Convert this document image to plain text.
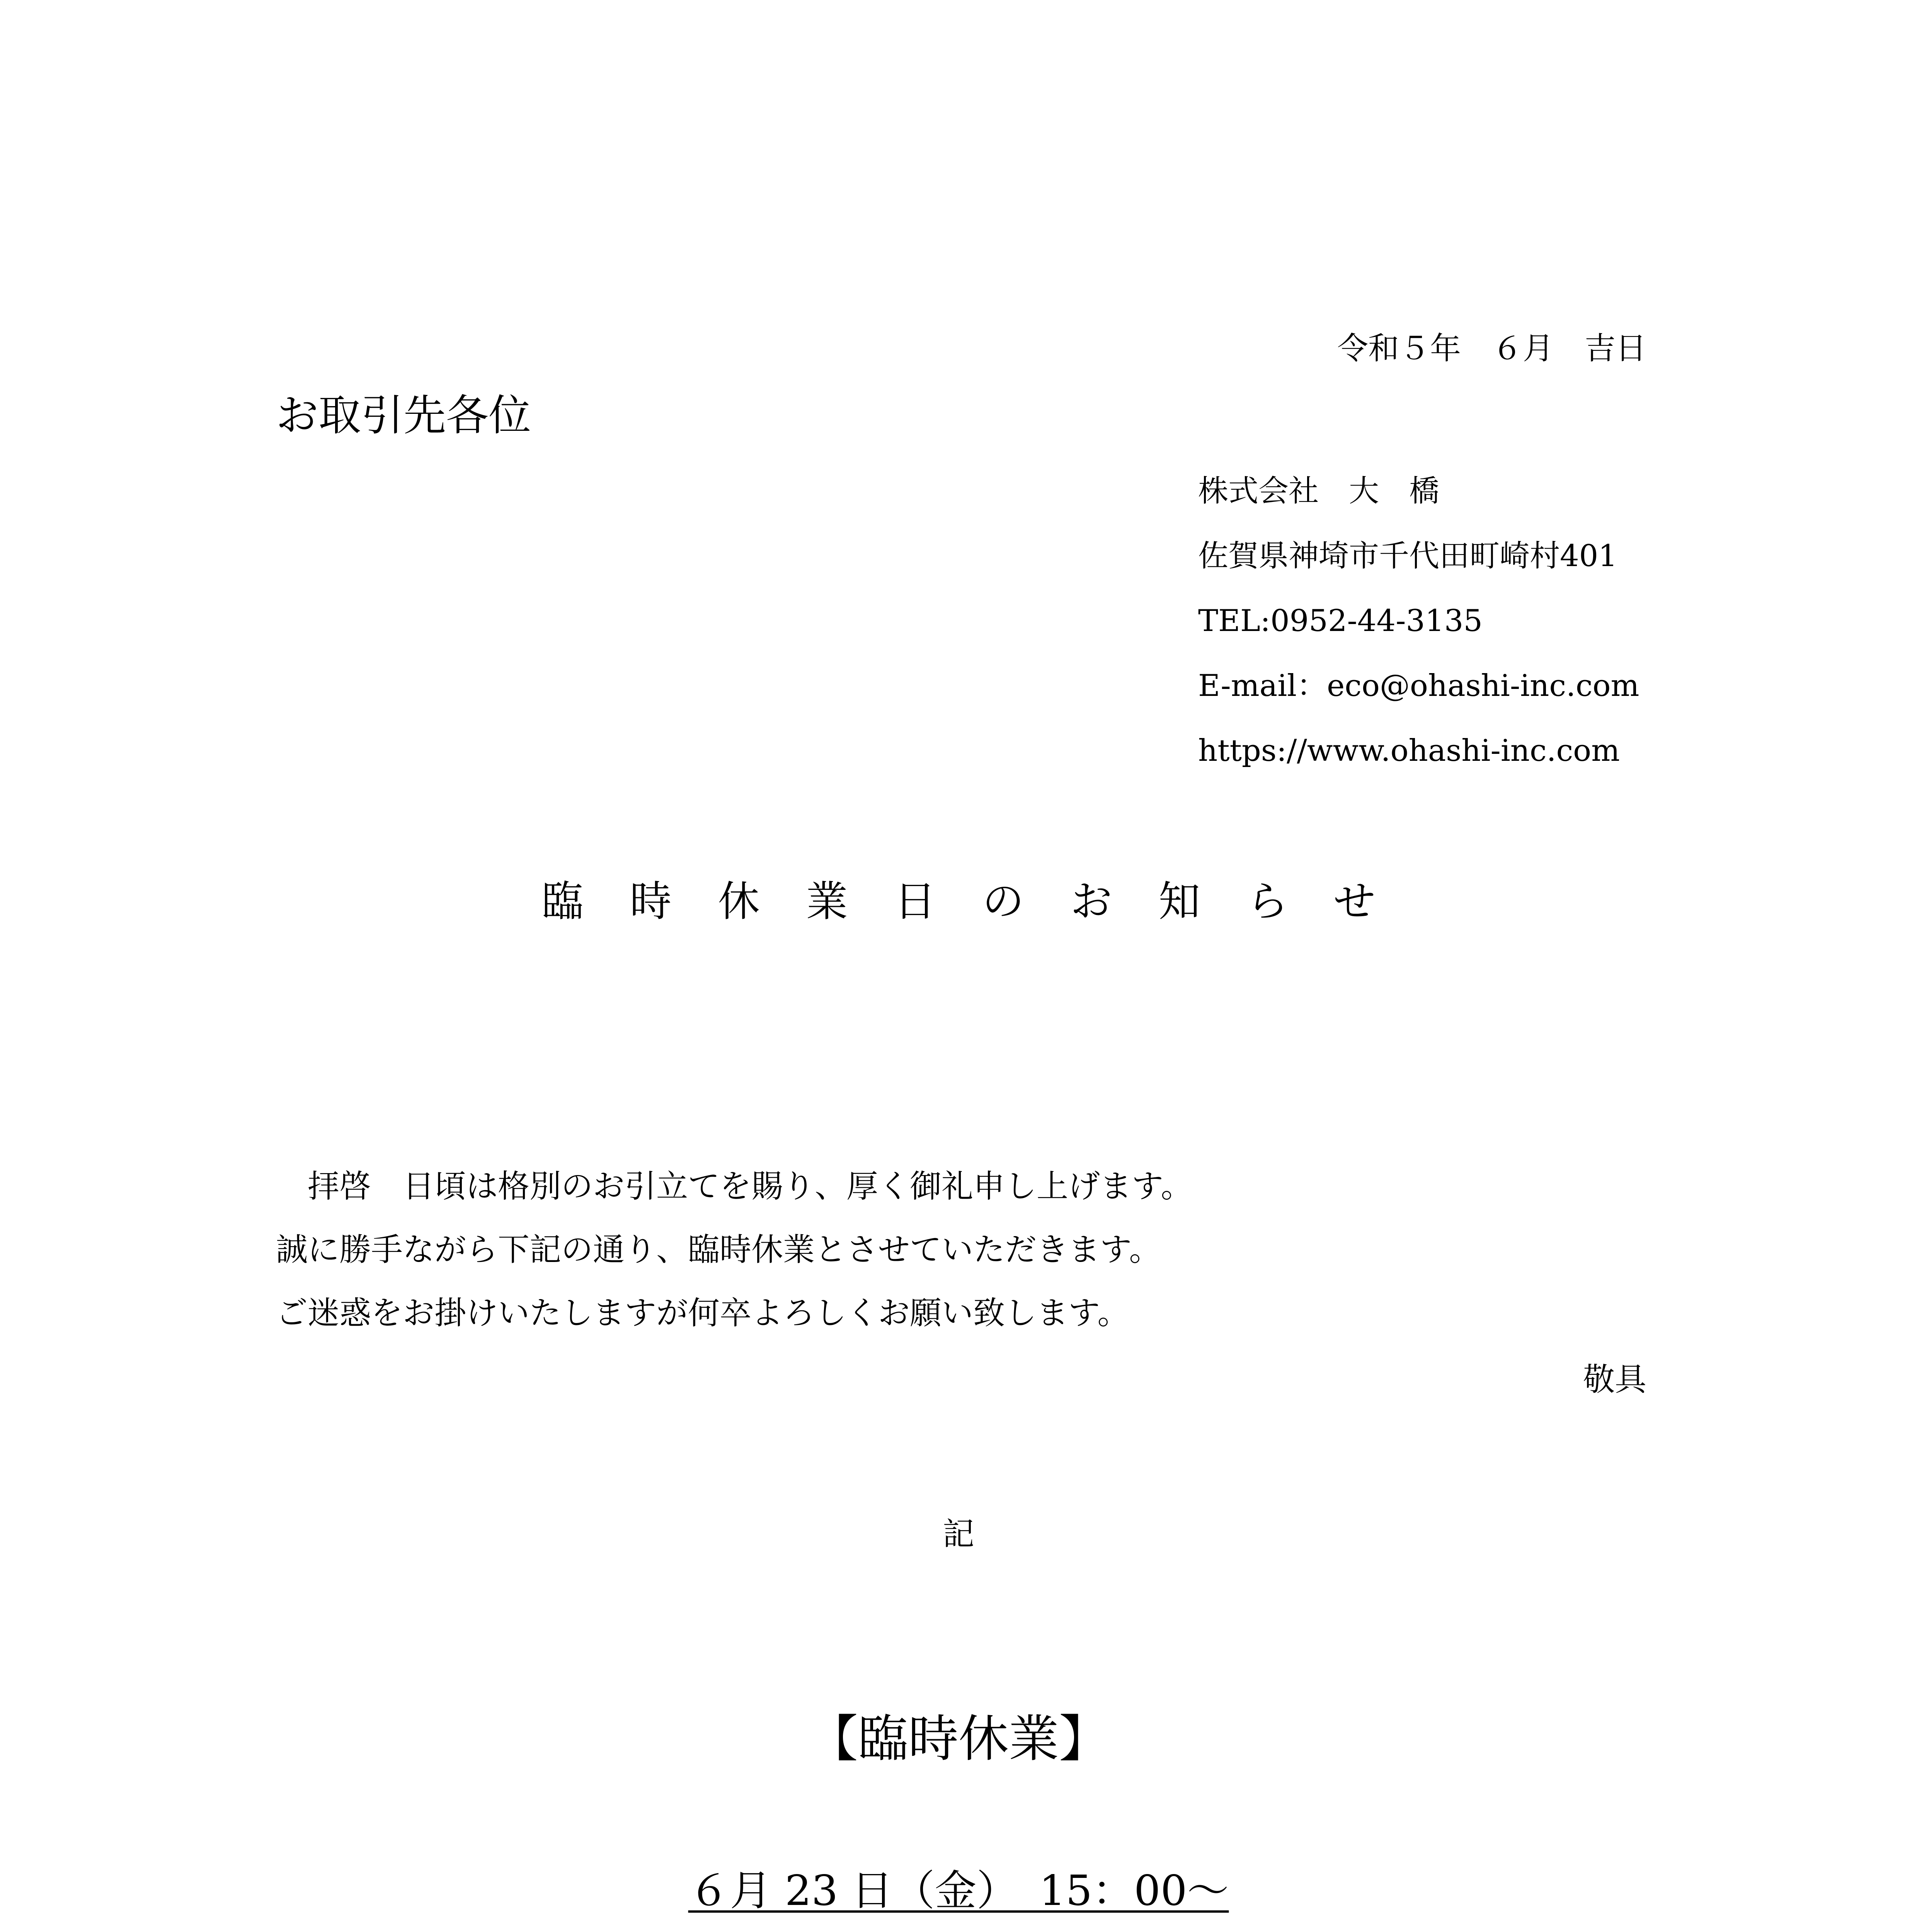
令和５年　６月　吉日
お取引先各位
株式会社　大　橋
佐賀県神埼市千代田町崎村401
TEL:0952-44-3135
E-mail：eco@ohashi-inc.com
https://www.ohashi-inc.com
臨時休業日のお知らせ
　拝啓　日頃は格別のお引立てを賜り、厚く御礼申し上げます。
誠に勝手ながら下記の通り、臨時休業とさせていただきます。
ご迷惑をお掛けいたしますが何卒よろしくお願い致します。
敬具
記
【臨時休業】
６月 23 日（金）　15：00～
